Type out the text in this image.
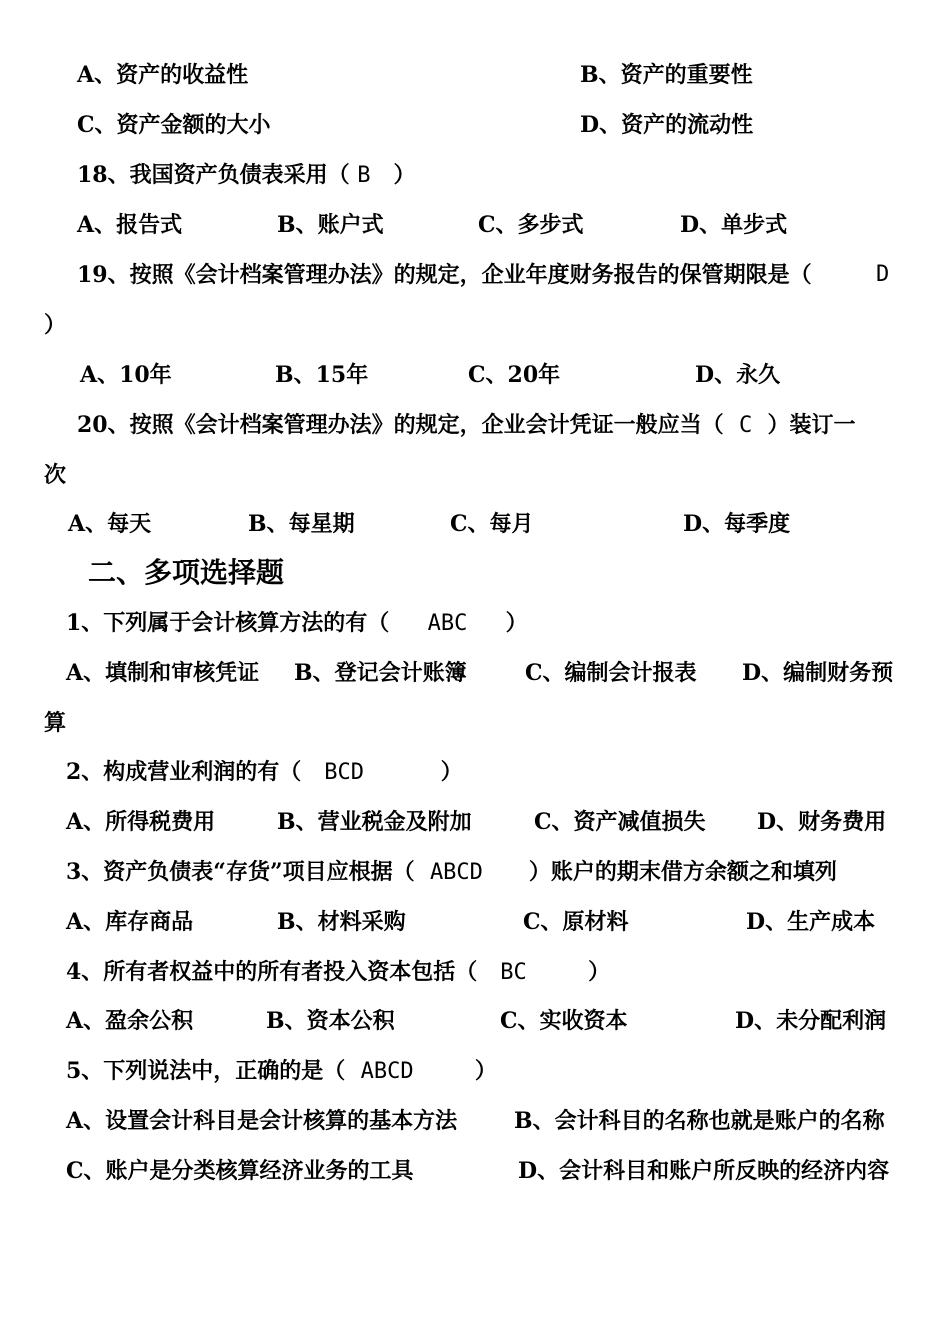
A、资产的收益性	B、资产的重要性
C、资产金额的大小	D、资产的流动性
18、我国资产负债表采用（ B   ）
A、报告式	B、账户式	C、多步式	D、单步式
19、按照《会计档案管理办法》的规定，企业年度财务报告的保管期限是（	D
）
A、10年	B、15年	C、20年	D、永久
20、按照《会计档案管理办法》的规定，企业会计凭证一般应当（  C  ）装订一
次
A、每天	B、每星期	C、每月	D、每季度
二、多项选择题
1、下列属于会计核算方法的有（     ABC     ）
A、填制和审核凭证 B、登记会计账簿	C、编制会计报表 D、编制财务预
算
2、构成营业利润的有（   BCD          ）
A、所得税费用	B、营业税金及附加	C、资产减值损失 D、财务费用
3、资产负债表“存货”项目应根据（  ABCD      ）账户的期末借方余额之和填列
A、库存商品	B、材料采购	C、原材料	D、生产成本
4、所有者权益中的所有者投入资本包括（   BC        ）
A、盈余公积	B、资本公积	C、实收资本	D、未分配利润
5、下列说法中，正确的是（  ABCD        ）
A、设置会计科目是会计核算的基本方法	B、会计科目的名称也就是账户的名称
C、账户是分类核算经济业务的工具	D、会计科目和账户所反映的经济内容
